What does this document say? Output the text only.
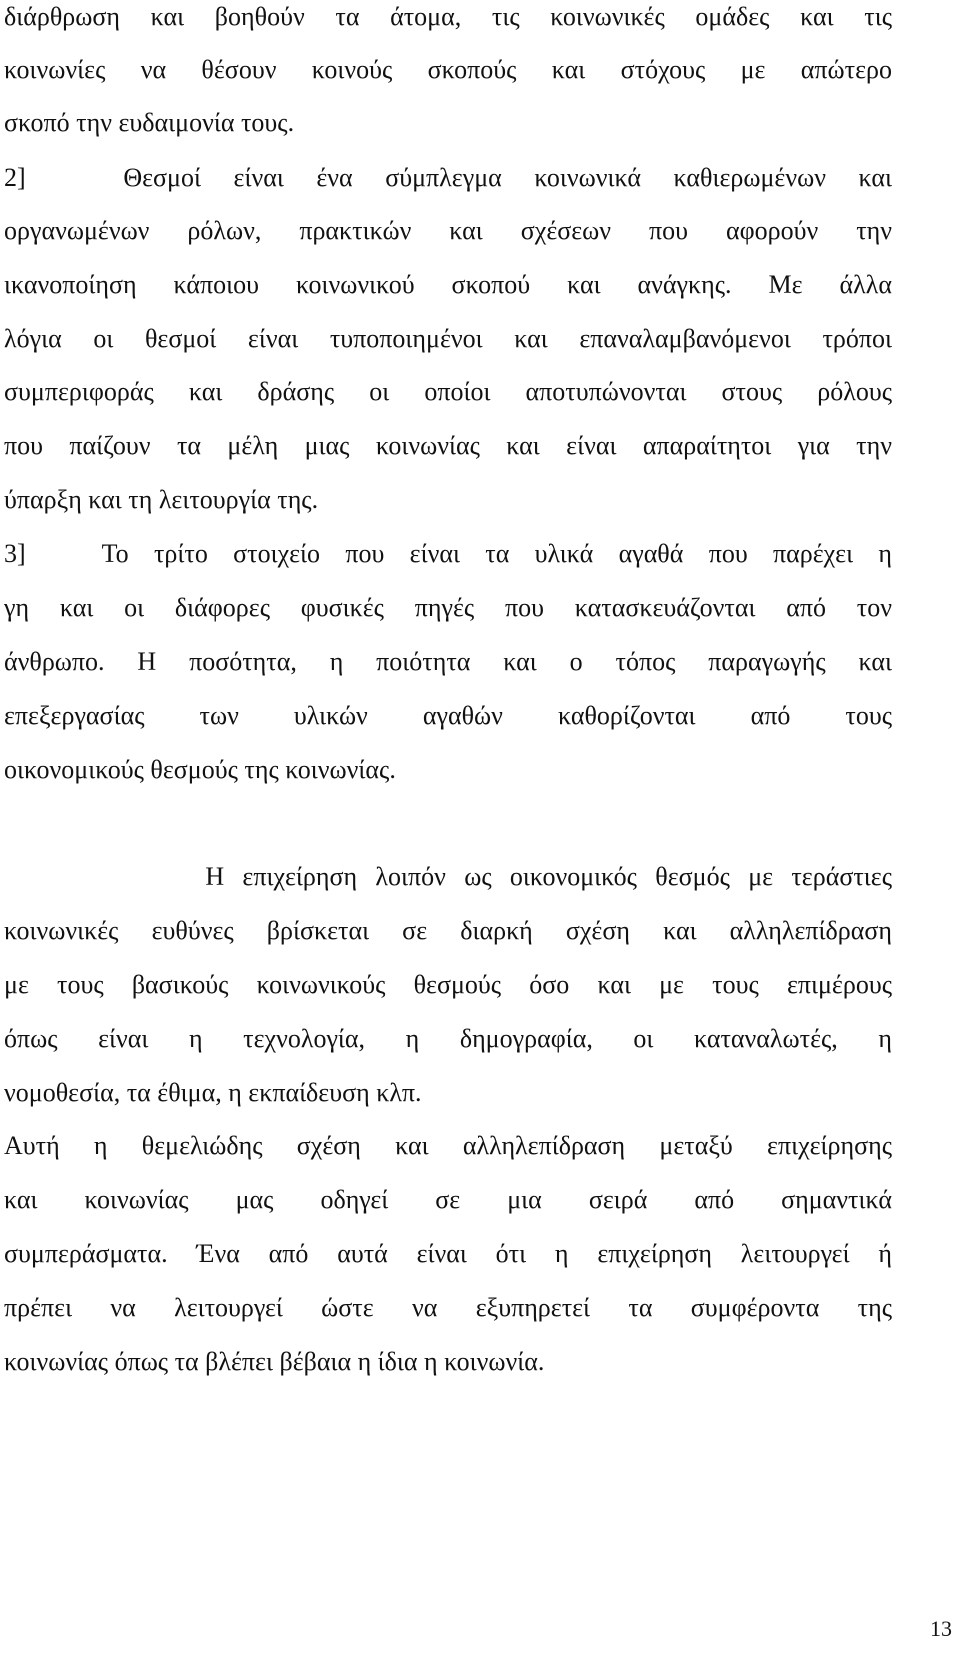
διάρθρωση και βοηθούν τα άτομα, τις κοινωνικές ομάδες και τις
κοινωνίες να θέσουν κοινούς σκοπούς και στόχους με απώτερο
σκοπό την ευδαιμονία τους.
2]   Θεσμοί είναι ένα σύμπλεγμα κοινωνικά καθιερωμένων και
οργανωμένων ρόλων, πρακτικών και σχέσεων που αφορούν την
ικανοποίηση κάποιου κοινωνικού σκοπού και ανάγκης. Με άλλα
λόγια οι θεσμοί είναι τυποποιημένοι και επαναλαμβανόμενοι τρόποι
συμπεριφοράς και δράσης οι οποίοι αποτυπώνονται στους ρόλους
που παίζουν τα μέλη μιας κοινωνίας και είναι απαραίτητοι για την
ύπαρξη και τη λειτουργία της.
3]   Το τρίτο στοιχείο που είναι τα υλικά αγαθά που παρέχει η
γη και οι διάφορες φυσικές πηγές που κατασκευάζονται από τον
άνθρωπο. Η ποσότητα, η ποιότητα και ο τόπος παραγωγής και
επεξεργασίας των υλικών αγαθών καθορίζονται από τους
οικονομικούς θεσμούς της κοινωνίας.
Η επιχείρηση λοιπόν ως οικονομικός θεσμός με τεράστιες
κοινωνικές ευθύνες βρίσκεται σε διαρκή σχέση και αλληλεπίδραση
με τους βασικούς κοινωνικούς θεσμούς όσο και με τους επιμέρους
όπως είναι η τεχνολογία, η δημογραφία, οι καταναλωτές, η
νομοθεσία, τα έθιμα, η εκπαίδευση κλπ.
Αυτή η θεμελιώδης σχέση και αλληλεπίδραση μεταξύ επιχείρησης
και κοινωνίας μας οδηγεί σε μια σειρά από σημαντικά
συμπεράσματα. Ένα από αυτά είναι ότι η επιχείρηση λειτουργεί ή
πρέπει να λειτουργεί ώστε να εξυπηρετεί τα συμφέροντα της
κοινωνίας όπως τα βλέπει βέβαια η ίδια η κοινωνία.
13
